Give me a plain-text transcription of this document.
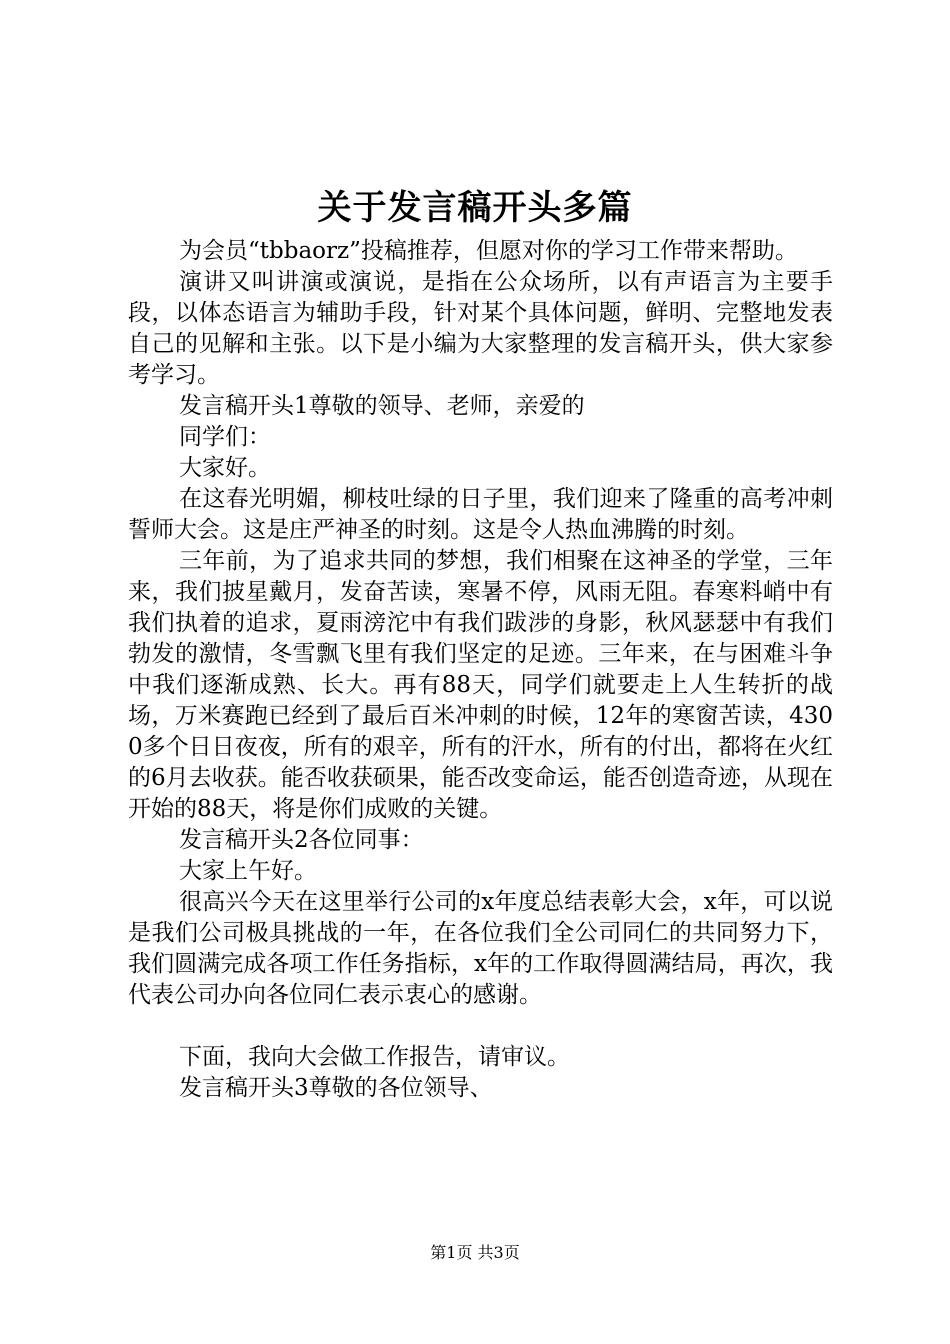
关于发言稿开头多篇

为会员“tbbaorz”投稿推荐，但愿对你的学习工作带来帮助。

演讲又叫讲演或演说，是指在公众场所，以有声语言为主要手段，以体态语言为辅助手段，针对某个具体问题，鲜明、完整地发表自己的见解和主张。以下是小编为大家整理的发言稿开头，供大家参考学习。

发言稿开头1尊敬的领导、老师，亲爱的

同学们：

大家好。

在这春光明媚，柳枝吐绿的日子里，我们迎来了隆重的高考冲刺誓师大会。这是庄严神圣的时刻。这是令人热血沸腾的时刻。

三年前，为了追求共同的梦想，我们相聚在这神圣的学堂，三年来，我们披星戴月，发奋苦读，寒暑不停，风雨无阻。春寒料峭中有我们执着的追求，夏雨滂沱中有我们跋涉的身影，秋风瑟瑟中有我们勃发的激情，冬雪飘飞里有我们坚定的足迹。三年来，在与困难斗争中我们逐渐成熟、长大。再有88天，同学们就要走上人生转折的战场，万米赛跑已经到了最后百米冲刺的时候，12年的寒窗苦读，4300多个日日夜夜，所有的艰辛，所有的汗水，所有的付出，都将在火红的6月去收获。能否收获硕果，能否改变命运，能否创造奇迹，从现在开始的88天，将是你们成败的关键。

发言稿开头2各位同事：

大家上午好。

很高兴今天在这里举行公司的x年度总结表彰大会，x年，可以说是我们公司极具挑战的一年，在各位我们全公司同仁的共同努力下，我们圆满完成各项工作任务指标，x年的工作取得圆满结局，再次，我代表公司办向各位同仁表示衷心的感谢。

下面，我向大会做工作报告，请审议。

发言稿开头3尊敬的各位领导、

第1页 共3页
